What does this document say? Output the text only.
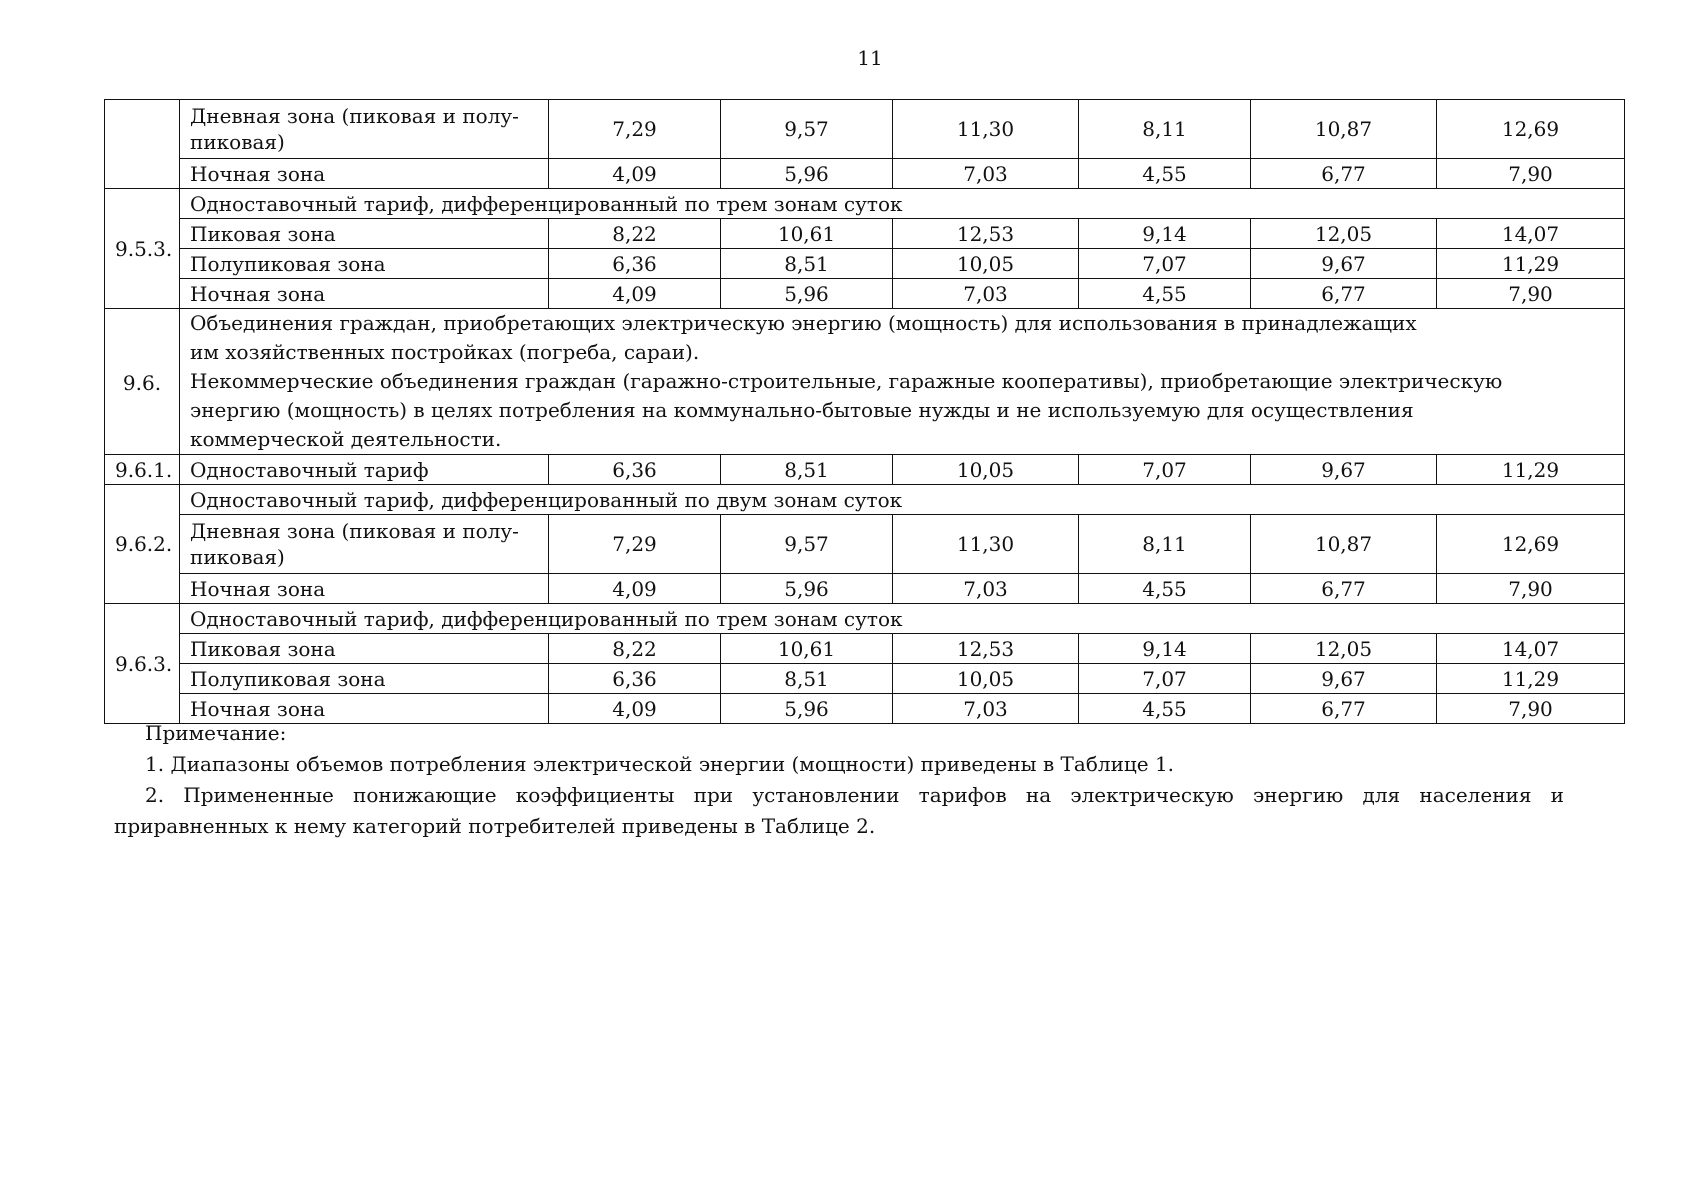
11
	Дневная зона (пиковая и полу-пиковая)	7,29	9,57	11,30	8,11	10,87	12,69
	Ночная зона	4,09	5,96	7,03	4,55	6,77	7,90
9.5.3.	Одноставочный тариф, дифференцированный по трем зонам суток						
	Пиковая зона	8,22	10,61	12,53	9,14	12,05	14,07
	Полупиковая зона	6,36	8,51	10,05	7,07	9,67	11,29
	Ночная зона	4,09	5,96	7,03	4,55	6,77	7,90
9.6.	Объединения граждан, приобретающих электрическую энергию (мощность) для использования в принадлежащих им хозяйственных постройках (погреба, сараи).
Некоммерческие объединения граждан (гаражно-строительные, гаражные кооперативы), приобретающие электрическую энергию (мощность) в целях потребления на коммунально-бытовые нужды и не используемую для осуществления коммерческой деятельности.						

9.6.1.	Одноставочный тариф	6,36	8,51	10,05	7,07	9,67	11,29
9.6.2.	Одноставочный тариф, дифференцированный по двум зонам суток						
	Дневная зона (пиковая и полу-пиковая)	7,29	9,57	11,30	8,11	10,87	12,69
	Ночная зона	4,09	5,96	7,03	4,55	6,77	7,90
9.6.3.	Одноставочный тариф, дифференцированный по трем зонам суток						
	Пиковая зона	8,22	10,61	12,53	9,14	12,05	14,07
	Полупиковая зона	6,36	8,51	10,05	7,07	9,67	11,29
	Ночная зона	4,09	5,96	7,03	4,55	6,77	7,90

Примечание:

1. Диапазоны объемов потребления электрической энергии (мощности) приведены в Таблице 1.

2. Примененные понижающие коэффициенты при установлении тарифов на электрическую энергию для населения и приравненных к нему категорий потребителей приведены в Таблице 2.
